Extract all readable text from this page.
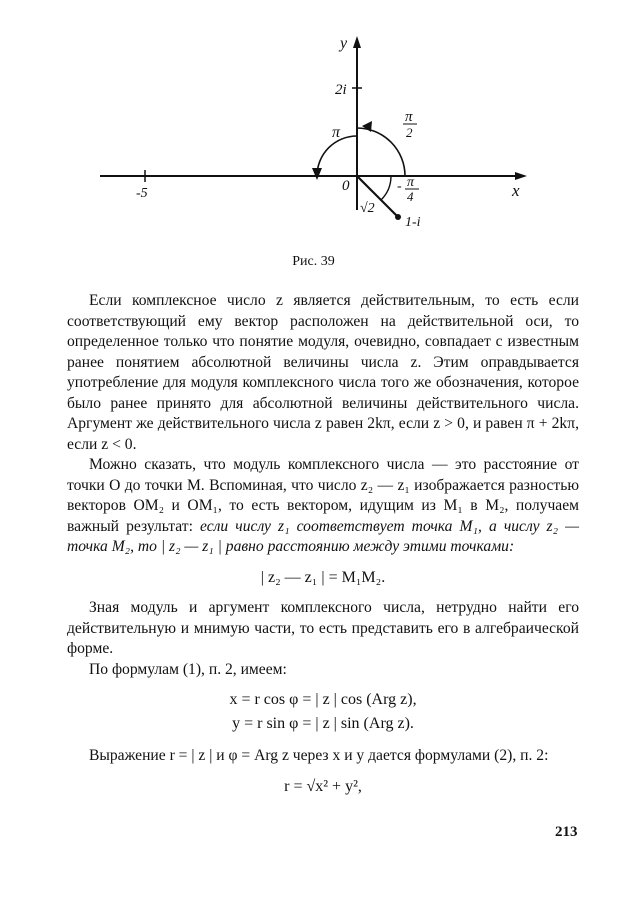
y
x
0
-5
2i
π
π
2
- π
4
√2
1-i
Рис. 39

Если комплексное число z является действительным, то есть если соответствующий ему вектор расположен на действительной оси, то определенное только что понятие модуля, очевидно, совпадает с известным ранее понятием абсолютной величины числа z. Этим оправдывается употребление для модуля комплексного числа того же обозначения, которое было ранее принято для абсолютной величины действительного числа. Аргумент же действительного числа z равен 2kπ, если z > 0, и равен π + 2kπ, если z < 0.

Можно сказать, что модуль комплексного числа — это расстояние от точки O до точки M. Вспоминая, что число z₂ — z₁ изображается разностью векторов OM₂ и OM₁, то есть вектором, идущим из M₁ в M₂, получаем важный результат: если числу z₁ соответствует точка M₁, а числу z₂ — точка M₂, то | z₂ — z₁ | равно расстоянию между этими точками:

| z₂ — z₁ | = M₁M₂.

Зная модуль и аргумент комплексного числа, нетрудно найти его действительную и мнимую части, то есть представить его в алгебраической форме.

По формулам (1), п. 2, имеем:

x = r cos φ = | z | cos (Arg z),
y = r sin φ = | z | sin (Arg z).

Выражение r = | z | и φ = Arg z через x и y дается формулами (2), п. 2:

r = √x² + y²,
213
